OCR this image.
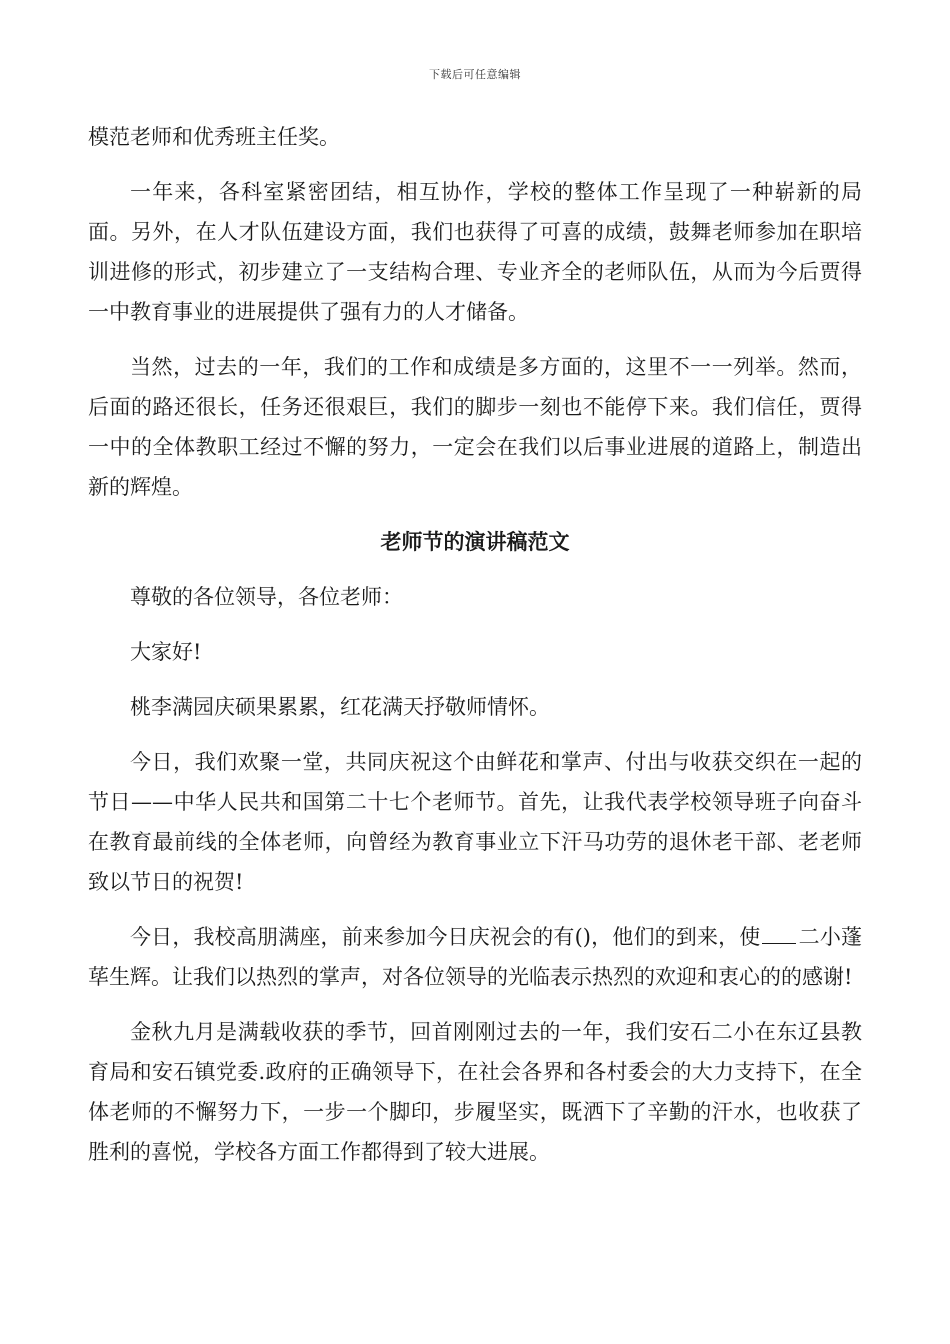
下载后可任意编辑

模范老师和优秀班主任奖。

一年来，各科室紧密团结，相互协作，学校的整体工作呈现了一种崭新的局面。另外，在人才队伍建设方面，我们也获得了可喜的成绩，鼓舞老师参加在职培训进修的形式，初步建立了一支结构合理、专业齐全的老师队伍，从而为今后贾得一中教育事业的进展提供了强有力的人才储备。

当然，过去的一年，我们的工作和成绩是多方面的，这里不一一列举。然而，后面的路还很长，任务还很艰巨，我们的脚步一刻也不能停下来。我们信任，贾得一中的全体教职工经过不懈的努力，一定会在我们以后事业进展的道路上，制造出新的辉煌。

老师节的演讲稿范文

尊敬的各位领导，各位老师：

大家好!

桃李满园庆硕果累累，红花满天抒敬师情怀。

今日，我们欢聚一堂，共同庆祝这个由鲜花和掌声、付出与收获交织在一起的节日——中华人民共和国第二十七个老师节。首先，让我代表学校领导班子向奋斗在教育最前线的全体老师，向曾经为教育事业立下汗马功劳的退休老干部、老老师致以节日的祝贺!

今日，我校高朋满座，前来参加今日庆祝会的有()，他们的到来，使 二小蓬荜生辉。让我们以热烈的掌声，对各位领导的光临表示热烈的欢迎和衷心的的感谢!

金秋九月是满载收获的季节，回首刚刚过去的一年，我们安石二小在东辽县教育局和安石镇党委.政府的正确领导下，在社会各界和各村委会的大力支持下，在全体老师的不懈努力下，一步一个脚印，步履坚实，既洒下了辛勤的汗水，也收获了胜利的喜悦，学校各方面工作都得到了较大进展。
